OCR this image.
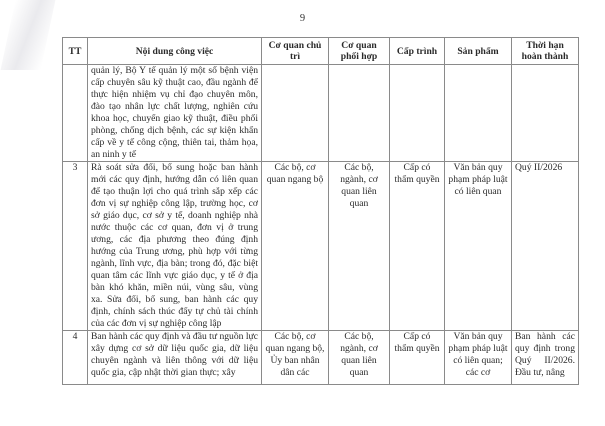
9
TT	Nội dung công việc	Cơ quan chủ trì	Cơ quan phối hợp	Cấp trình	Sản phẩm	Thời hạn hoàn thành
	quản lý, Bộ Y tế quản lý một số bệnh viện cấp chuyên sâu kỹ thuật cao, đầu ngành để thực hiện nhiệm vụ chỉ đạo chuyên môn, đào tạo nhân lực chất lượng, nghiên cứu khoa học, chuyển giao kỹ thuật, điều phối phòng, chống dịch bệnh, các sự kiện khẩn cấp về y tế công cộng, thiên tai, thảm họa, an ninh y tế					
3	Rà soát sửa đổi, bổ sung hoặc ban hành mới các quy định, hướng dẫn có liên quan để tạo thuận lợi cho quá trình sắp xếp các đơn vị sự nghiệp công lập, trường học, cơ sở giáo dục, cơ sở y tế, doanh nghiệp nhà nước thuộc các cơ quan, đơn vị ở trung ương, các địa phương theo đúng định hướng của Trung ương, phù hợp với từng ngành, lĩnh vực, địa bàn; trong đó, đặc biệt quan tâm các lĩnh vực giáo dục, y tế ở địa bàn khó khăn, miền núi, vùng sâu, vùng xa. Sửa đổi, bổ sung, ban hành các quy định, chính sách thúc đẩy tự chủ tài chính của các đơn vị sự nghiệp công lập	Các bộ, cơ quan ngang bộ	Các bộ, ngành, cơ quan liên quan	Cấp có thẩm quyền	Văn bản quy phạm pháp luật có liên quan	Quý II/2026

4	Ban hành các quy định và đầu tư nguồn lực xây dựng cơ sở dữ liệu quốc gia, dữ liệu chuyên ngành và liên thông với dữ liệu quốc gia, cập nhật thời gian thực; xây	Các bộ, cơ quan ngang bộ, Ủy ban nhân dân các	Các bộ, ngành, cơ quan liên quan	Cấp có thẩm quyền	Văn bản quy phạm pháp luật có liên quan; các cơ	Ban hành các quy định trong Quý II/2026. Đầu tư, nâng
